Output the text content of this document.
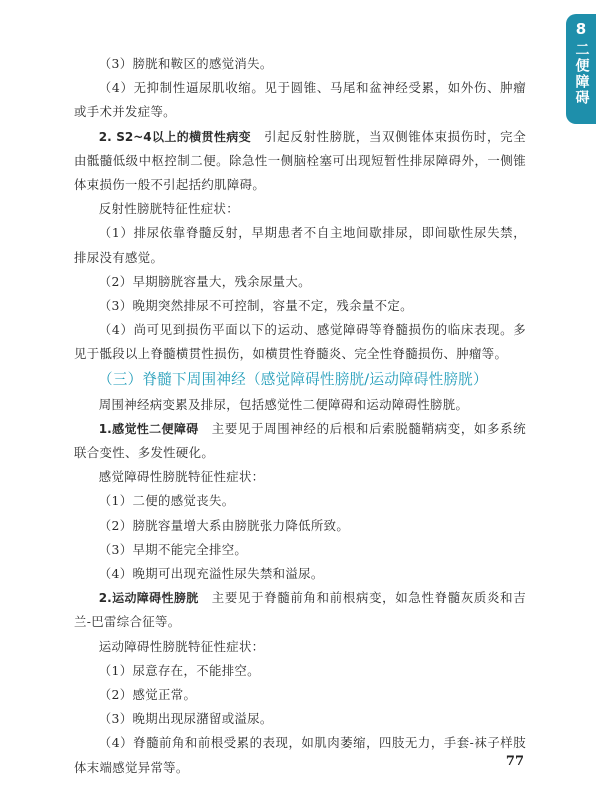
8
二便障碍

（3）膀胱和鞍区的感觉消失。

（4）无抑制性逼尿肌收缩。见于圆锥、马尾和盆神经受累，如外伤、肿瘤或手术并发症等。

2. S2~4以上的横贯性病变　引起反射性膀胱，当双侧锥体束损伤时，完全由骶髓低级中枢控制二便。除急性一侧脑栓塞可出现短暂性排尿障碍外，一侧锥体束损伤一般不引起括约肌障碍。

反射性膀胱特征性症状：

（1）排尿依靠脊髓反射，早期患者不自主地间歇排尿，即间歇性尿失禁，排尿没有感觉。

（2）早期膀胱容量大，残余尿量大。

（3）晚期突然排尿不可控制，容量不定，残余量不定。

（4）尚可见到损伤平面以下的运动、感觉障碍等脊髓损伤的临床表现。多见于骶段以上脊髓横贯性损伤，如横贯性脊髓炎、完全性脊髓损伤、肿瘤等。

（三）脊髓下周围神经（感觉障碍性膀胱/运动障碍性膀胱）

周围神经病变累及排尿，包括感觉性二便障碍和运动障碍性膀胱。

1.感觉性二便障碍　主要见于周围神经的后根和后索脱髓鞘病变，如多系统联合变性、多发性硬化。

感觉障碍性膀胱特征性症状：

（1）二便的感觉丧失。

（2）膀胱容量增大系由膀胱张力降低所致。

（3）早期不能完全排空。

（4）晚期可出现充溢性尿失禁和溢尿。

2.运动障碍性膀胱　主要见于脊髓前角和前根病变，如急性脊髓灰质炎和吉兰-巴雷综合征等。

运动障碍性膀胱特征性症状：

（1）尿意存在，不能排空。

（2）感觉正常。

（3）晚期出现尿潴留或溢尿。

（4）脊髓前角和前根受累的表现，如肌肉萎缩，四肢无力，手套-袜子样肢体末端感觉异常等。	77
